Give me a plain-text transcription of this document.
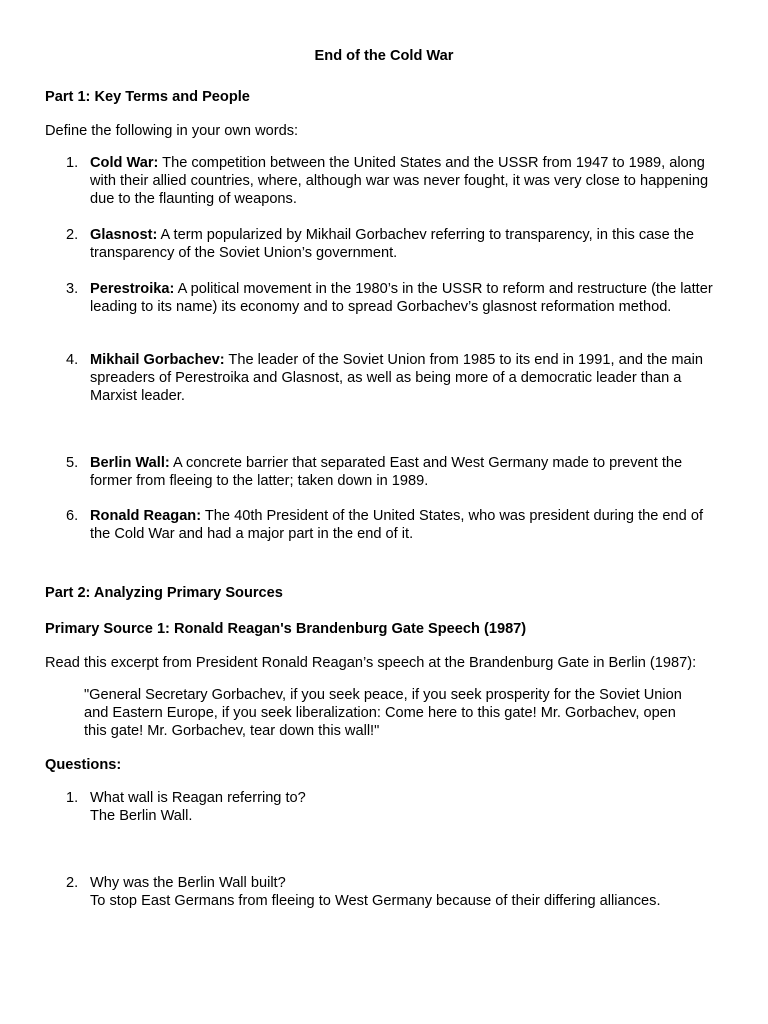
End of the Cold War
Part 1: Key Terms and People
Define the following in your own words:
1. Cold War: The competition between the United States and the USSR from 1947 to 1989, along with their allied countries, where, although war was never fought, it was very close to happening due to the flaunting of weapons.
2. Glasnost: A term popularized by Mikhail Gorbachev referring to transparency, in this case the transparency of the Soviet Union’s government.
3. Perestroika: A political movement in the 1980’s in the USSR to reform and restructure (the latter leading to its name) its economy and to spread Gorbachev’s glasnost reformation method.
4. Mikhail Gorbachev: The leader of the Soviet Union from 1985 to its end in 1991, and the main spreaders of Perestroika and Glasnost, as well as being more of a democratic leader than a Marxist leader.
5. Berlin Wall: A concrete barrier that separated East and West Germany made to prevent the former from fleeing to the latter; taken down in 1989.
6. Ronald Reagan: The 40th President of the United States, who was president during the end of the Cold War and had a major part in the end of it.
Part 2: Analyzing Primary Sources
Primary Source 1: Ronald Reagan's Brandenburg Gate Speech (1987)
Read this excerpt from President Ronald Reagan’s speech at the Brandenburg Gate in Berlin (1987):
"General Secretary Gorbachev, if you seek peace, if you seek prosperity for the Soviet Union and Eastern Europe, if you seek liberalization: Come here to this gate! Mr. Gorbachev, open this gate! Mr. Gorbachev, tear down this wall!"
Questions:
1. What wall is Reagan referring to?
The Berlin Wall.
2. Why was the Berlin Wall built?
To stop East Germans from fleeing to West Germany because of their differing alliances.
